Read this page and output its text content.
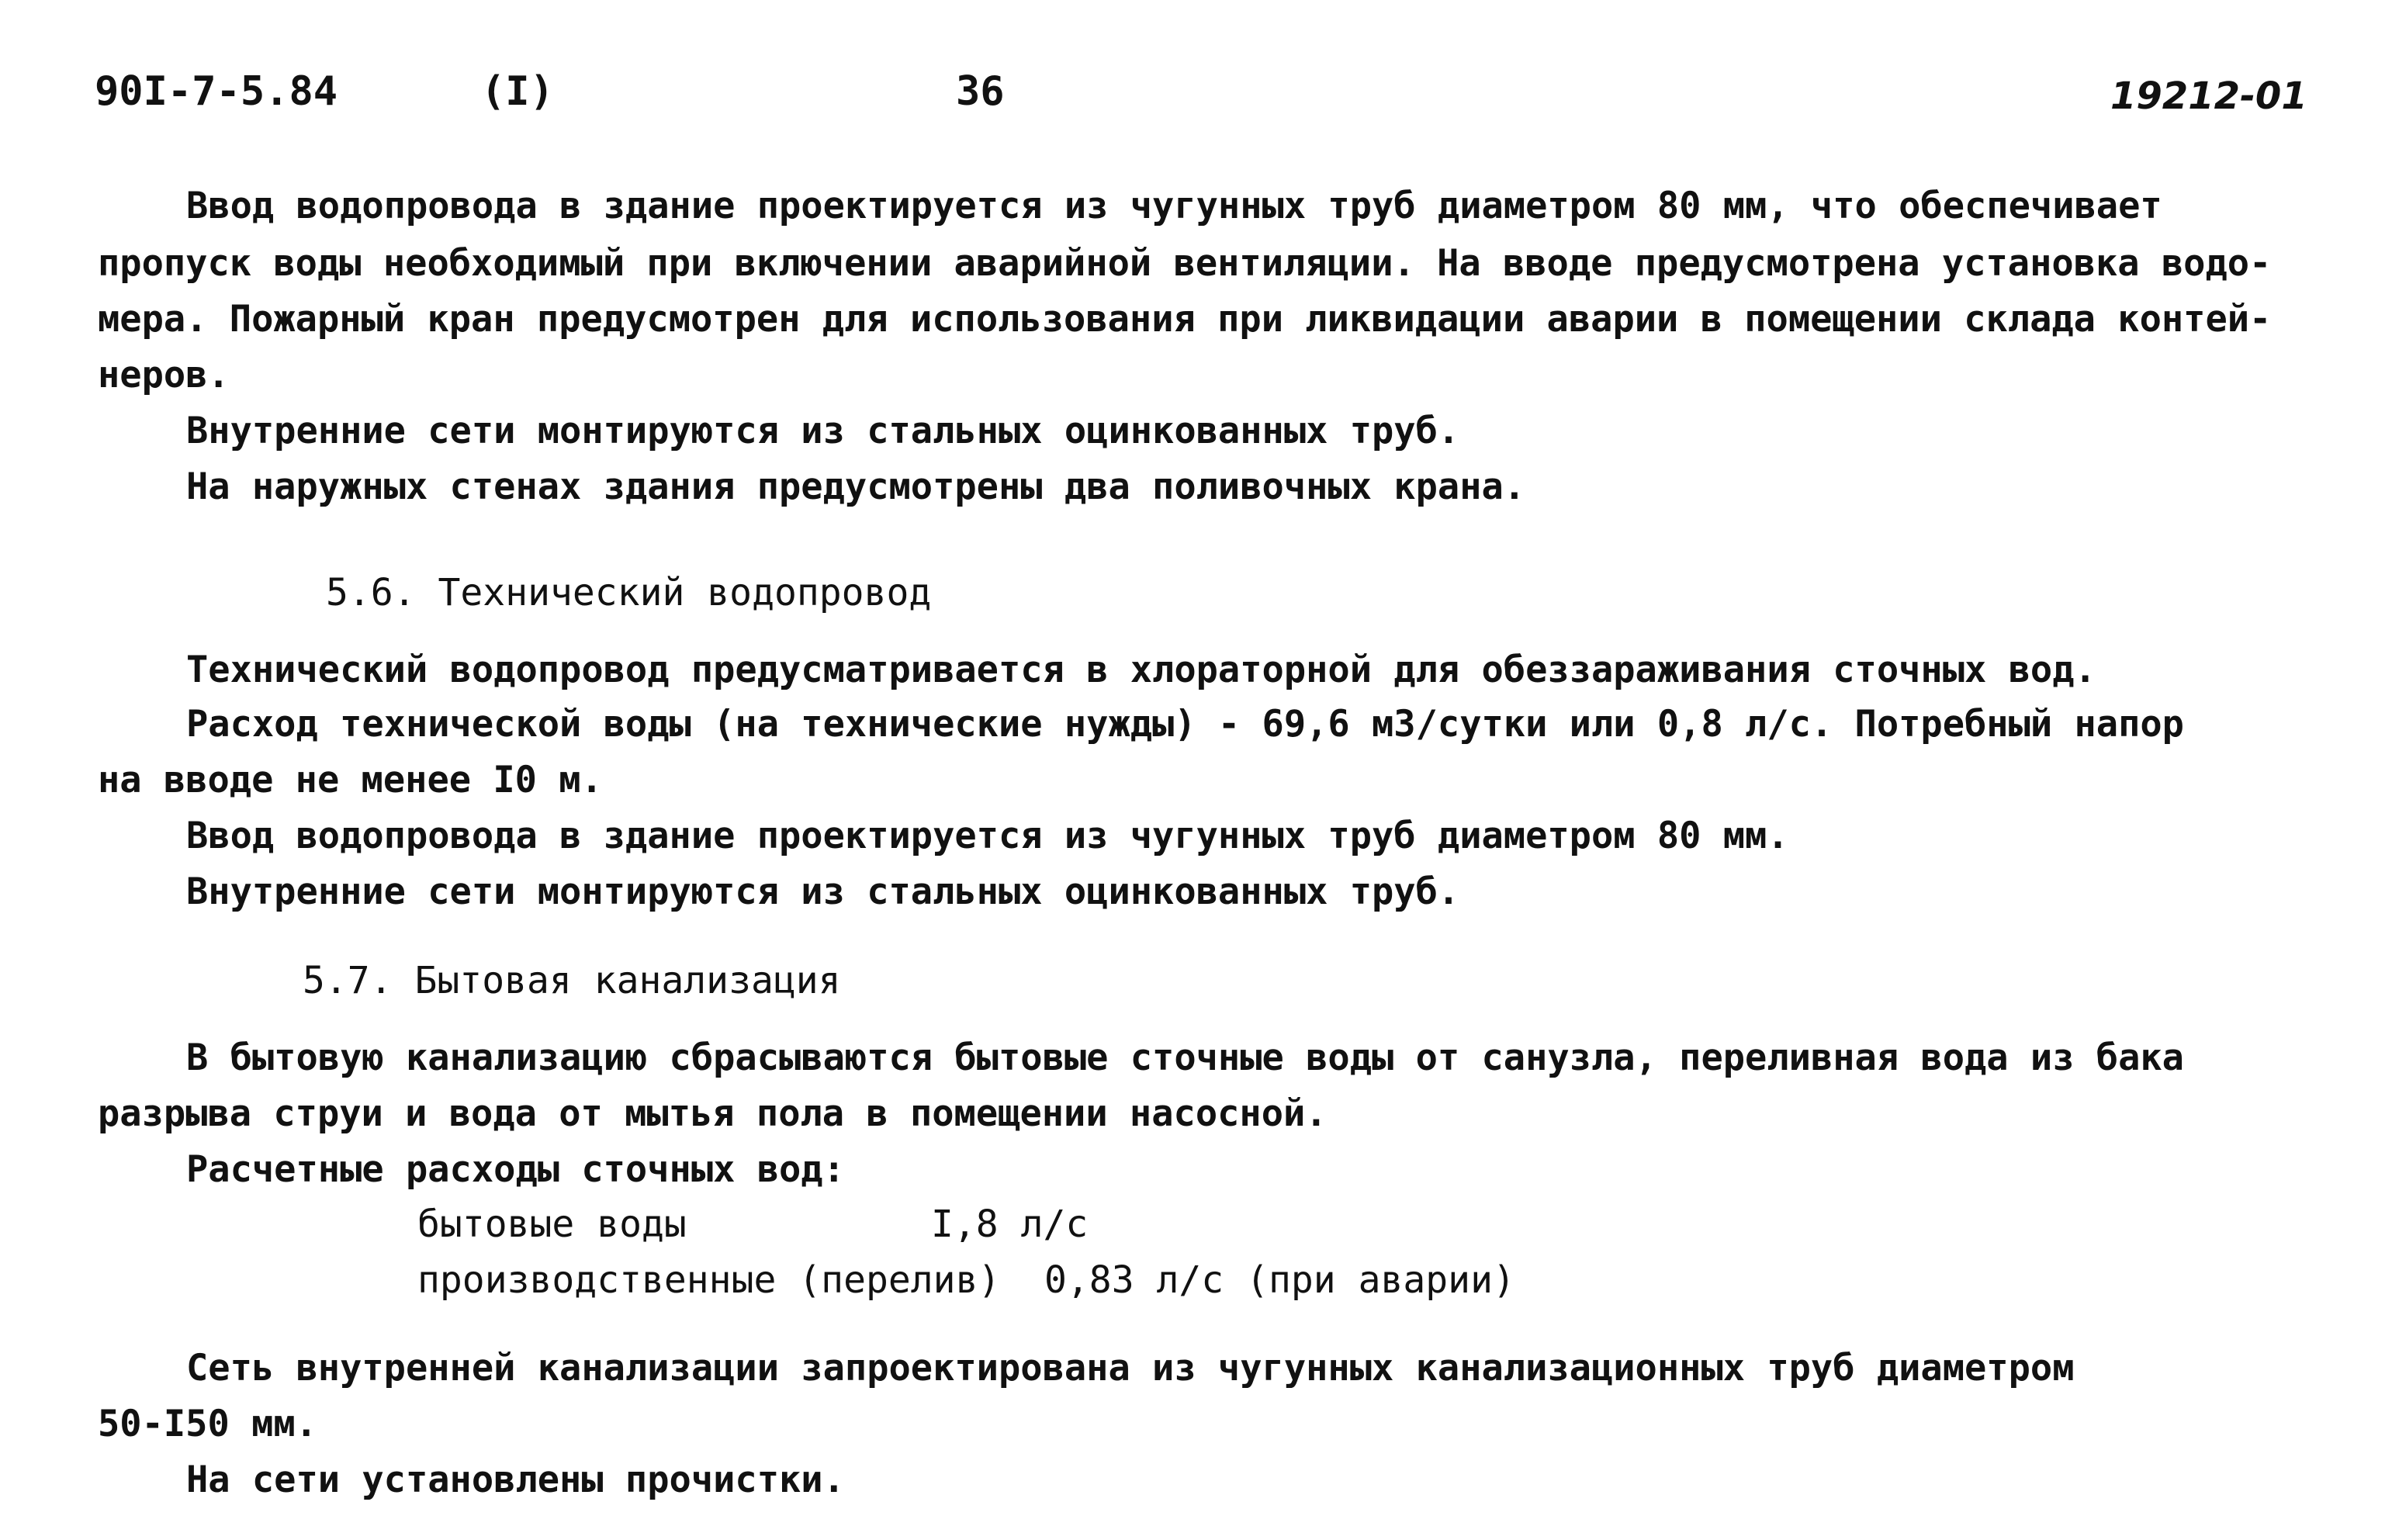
90I-7-5.84	(I)	36	19212-01
Ввод водопровода в здание проектируется из чугунных труб диаметром 80 мм, что обеспечивает
пропуск воды необходимый при включении аварийной вентиляции. На вводе предусмотрена установка водо-
мера. Пожарный кран предусмотрен для использования при ликвидации аварии в помещении склада контей-
неров.
Внутренние сети монтируются из стальных оцинкованных труб.
На наружных стенах здания предусмотрены два поливочных крана.
5.6. Технический водопровод
Технический водопровод предусматривается в хлораторной для обеззараживания сточных вод.
Расход технической воды (на технические нужды) - 69,6 м3/сутки или 0,8 л/с. Потребный напор
на вводе не менее I0 м.
Ввод водопровода в здание проектируется из чугунных труб диаметром 80 мм.
Внутренние сети монтируются из стальных оцинкованных труб.
5.7. Бытовая канализация
В бытовую канализацию сбрасываются бытовые сточные воды от санузла, переливная вода из бака
разрыва струи и вода от мытья пола в помещении насосной.
Расчетные расходы сточных вод:
бытовые воды	I,8 л/с
производственные (перелив) 0,83 л/с (при аварии)
Сеть внутренней канализации запроектирована из чугунных канализационных труб диаметром
50-I50 мм.
На сети установлены прочистки.
